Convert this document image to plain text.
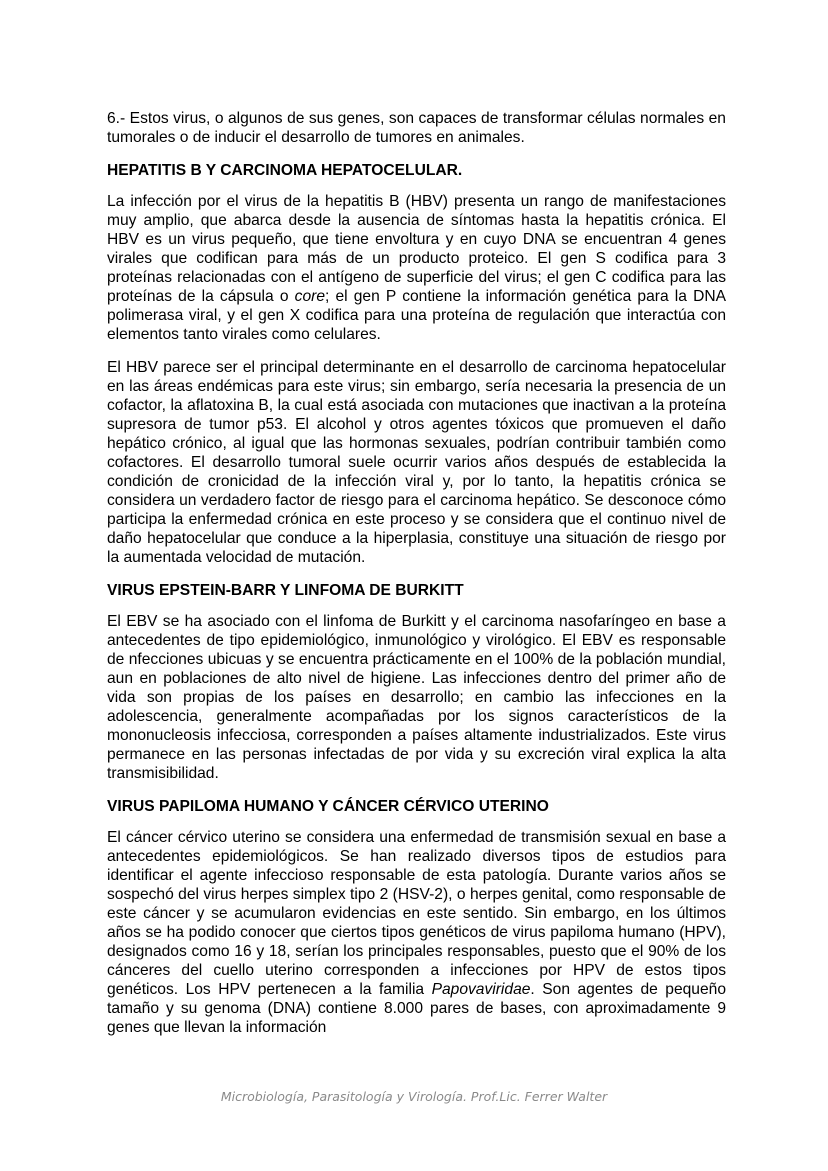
6.- Estos virus, o algunos de sus genes, son capaces de transformar células normales en tumorales o de inducir el desarrollo de tumores en animales.

HEPATITIS B Y CARCINOMA HEPATOCELULAR.

La infección por el virus de la hepatitis B (HBV) presenta un rango de manifestaciones muy amplio, que abarca desde la ausencia de síntomas hasta la hepatitis crónica. El HBV es un virus pequeño, que tiene envoltura y en cuyo DNA se encuentran 4 genes virales que codifican para más de un producto proteico. El gen S codifica para 3 proteínas relacionadas con el antígeno de superficie del virus; el gen C codifica para las proteínas de la cápsula o core; el gen P contiene la información genética para la DNA polimerasa viral, y el gen X codifica para una proteína de regulación que interactúa con elementos tanto virales como celulares.

El HBV parece ser el principal determinante en el desarrollo de carcinoma hepatocelular en las áreas endémicas para este virus; sin embargo, sería necesaria la presencia de un cofactor, la aflatoxina B, la cual está asociada con mutaciones que inactivan a la proteína supresora de tumor p53. El alcohol y otros agentes tóxicos que promueven el daño hepático crónico, al igual que las hormonas sexuales, podrían contribuir también como cofactores. El desarrollo tumoral suele ocurrir varios años después de establecida la condición de cronicidad de la infección viral y, por lo tanto, la hepatitis crónica se considera un verdadero factor de riesgo para el carcinoma hepático. Se desconoce cómo participa la enfermedad crónica en este proceso y se considera que el continuo nivel de daño hepatocelular que conduce a la hiperplasia, constituye una situación de riesgo por la aumentada velocidad de mutación.

VIRUS EPSTEIN-BARR Y LINFOMA DE BURKITT

El EBV se ha asociado con el linfoma de Burkitt y el carcinoma nasofaríngeo en base a antecedentes de tipo epidemiológico, inmunológico y virológico. El EBV es responsable de nfecciones ubicuas y se encuentra prácticamente en el 100% de la población mundial, aun en poblaciones de alto nivel de higiene. Las infecciones dentro del primer año de vida son propias de los países en desarrollo; en cambio las infecciones en la adolescencia, generalmente acompañadas por los signos característicos de la mononucleosis infecciosa, corresponden a países altamente industrializados. Este virus permanece en las personas infectadas de por vida y su excreción viral explica la alta transmisibilidad.

VIRUS PAPILOMA HUMANO Y CÁNCER CÉRVICO UTERINO

El cáncer cérvico uterino se considera una enfermedad de transmisión sexual en base a antecedentes epidemiológicos. Se han realizado diversos tipos de estudios para identificar el agente infeccioso responsable de esta patología. Durante varios años se sospechó del virus herpes simplex tipo 2 (HSV-2), o herpes genital, como responsable de este cáncer y se acumularon evidencias en este sentido. Sin embargo, en los últimos años se ha podido conocer que ciertos tipos genéticos de virus papiloma humano (HPV), designados como 16 y 18, serían los principales responsables, puesto que el 90% de los cánceres del cuello uterino corresponden a infecciones por HPV de estos tipos genéticos. Los HPV pertenecen a la familia Papovaviridae. Son agentes de pequeño tamaño y su genoma (DNA) contiene 8.000 pares de bases, con aproximadamente 9 genes que llevan la información

Microbiología, Parasitología y Virología. Prof.Lic. Ferrer Walter
